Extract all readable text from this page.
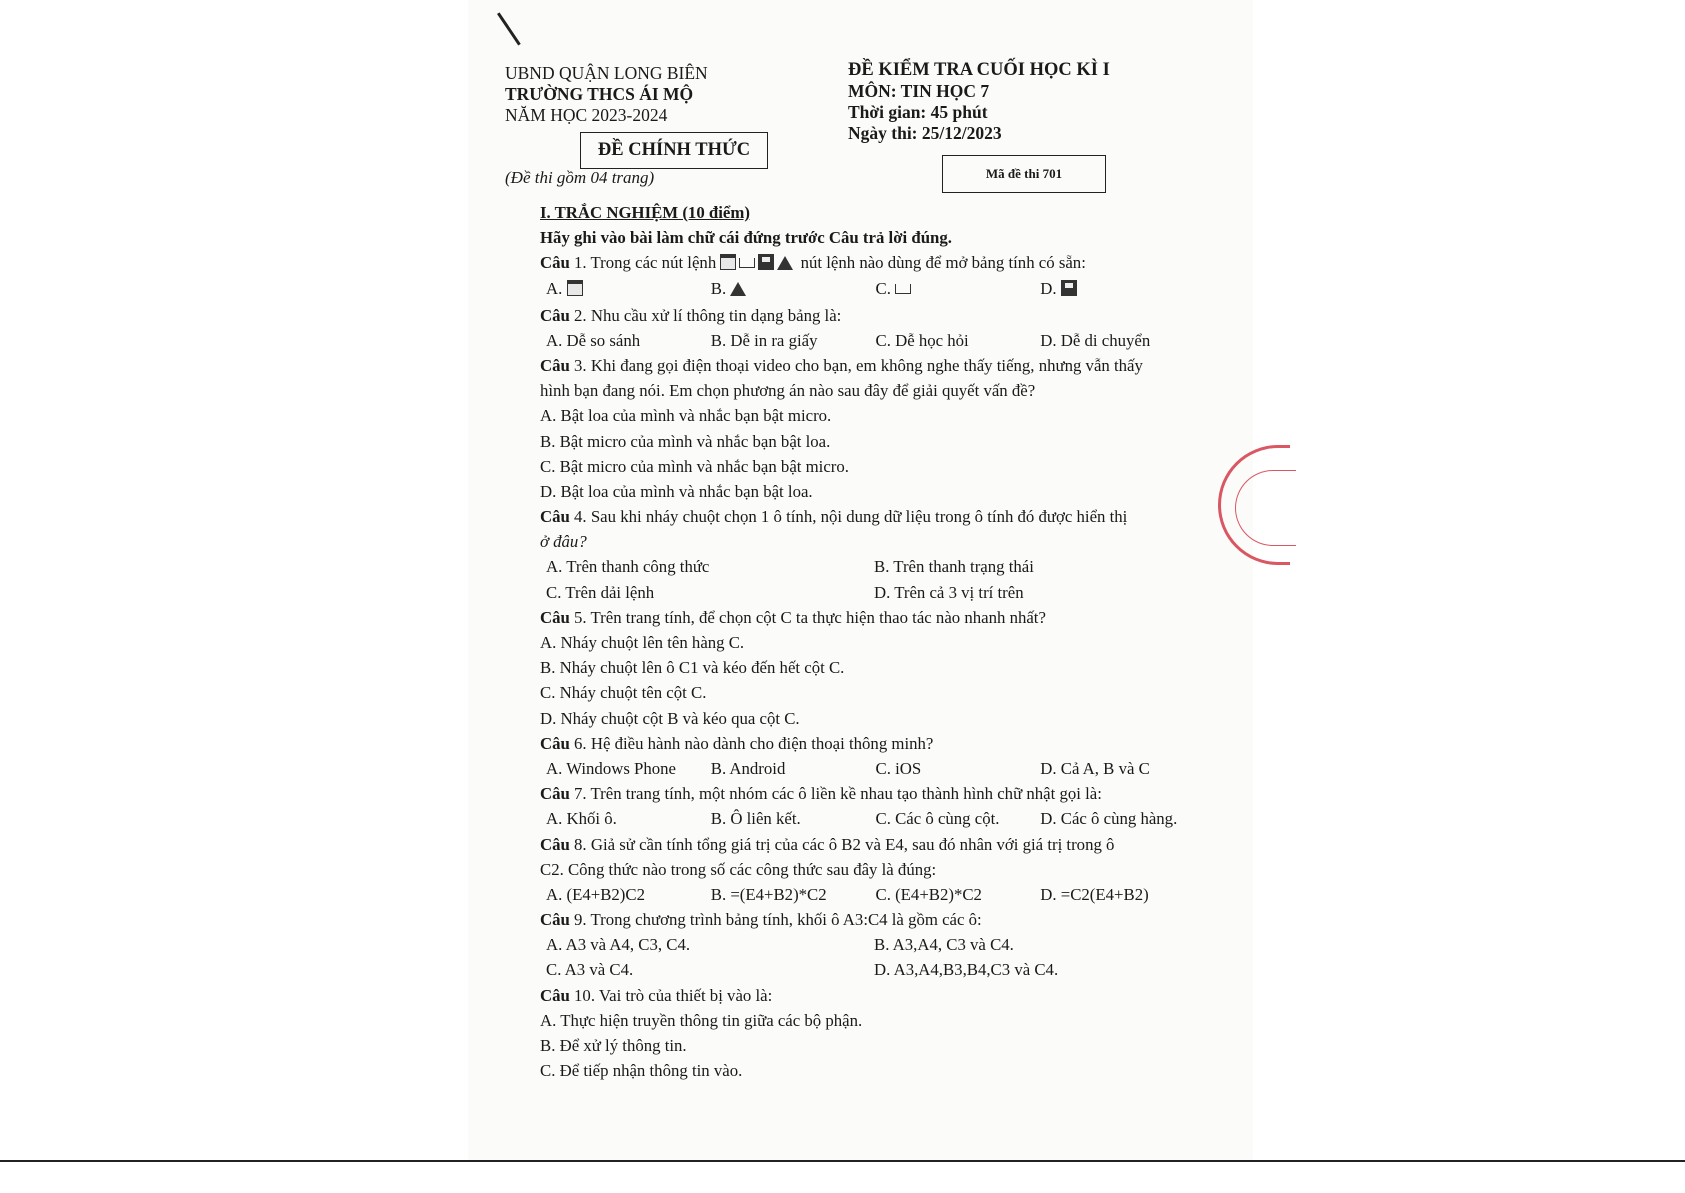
UBND QUẬN LONG BIÊN
TRƯỜNG THCS ÁI MỘ
NĂM HỌC 2023-2024
ĐỀ CHÍNH THỨC
(Đề thi gồm 04 trang)
ĐỀ KIỂM TRA CUỐI HỌC KÌ I
MÔN: TIN HỌC 7
Thời gian: 45 phút
Ngày thi: 25/12/2023
Mã đề thi 701
I. TRẮC NGHIỆM (10 điểm)
Hãy ghi vào bài làm chữ cái đứng trước Câu trả lời đúng.
Câu 1. Trong các nút lệnh	nút lệnh nào dùng để mở bảng tính có sẵn:
A.	B.	C.	D.
Câu 2. Nhu cầu xử lí thông tin dạng bảng là:
A. Dễ so sánh	B. Dễ in ra giấy	C. Dễ học hỏi	D. Dễ di chuyển
Câu 3. Khi đang gọi điện thoại video cho bạn, em không nghe thấy tiếng, nhưng vẫn thấy
hình bạn đang nói. Em chọn phương án nào sau đây để giải quyết vấn đề?
A. Bật loa của mình và nhắc bạn bật micro.
B. Bật micro của mình và nhắc bạn bật loa.
C. Bật micro của mình và nhắc bạn bật micro.
D. Bật loa của mình và nhắc bạn bật loa.
Câu 4. Sau khi nháy chuột chọn 1 ô tính, nội dung dữ liệu trong ô tính đó được hiển thị
ở đâu?
A. Trên thanh công thức	B. Trên thanh trạng thái
C. Trên dải lệnh	D. Trên cả 3 vị trí trên
Câu 5. Trên trang tính, để chọn cột C ta thực hiện thao tác nào nhanh nhất?
A. Nháy chuột lên tên hàng C.
B. Nháy chuột lên ô C1 và kéo đến hết cột C.
C. Nháy chuột tên cột C.
D. Nháy chuột cột B và kéo qua cột C.
Câu 6. Hệ điều hành nào dành cho điện thoại thông minh?
A. Windows Phone	B. Android	C. iOS	D. Cả A, B và C
Câu 7. Trên trang tính, một nhóm các ô liền kề nhau tạo thành hình chữ nhật gọi là:
A. Khối ô.	B. Ô liên kết.	C. Các ô cùng cột.	D. Các ô cùng hàng.
Câu 8. Giả sử cần tính tổng giá trị của các ô B2 và E4, sau đó nhân với giá trị trong ô
C2. Công thức nào trong số các công thức sau đây là đúng:
A. (E4+B2)C2	B. =(E4+B2)*C2	C. (E4+B2)*C2	D. =C2(E4+B2)
Câu 9. Trong chương trình bảng tính, khối ô A3:C4 là gồm các ô:
A. A3 và A4, C3, C4.	B. A3,A4, C3 và C4.
C. A3 và C4.	D. A3,A4,B3,B4,C3 và C4.
Câu 10. Vai trò của thiết bị vào là:
A. Thực hiện truyền thông tin giữa các bộ phận.
B. Để xử lý thông tin.
C. Để tiếp nhận thông tin vào.
